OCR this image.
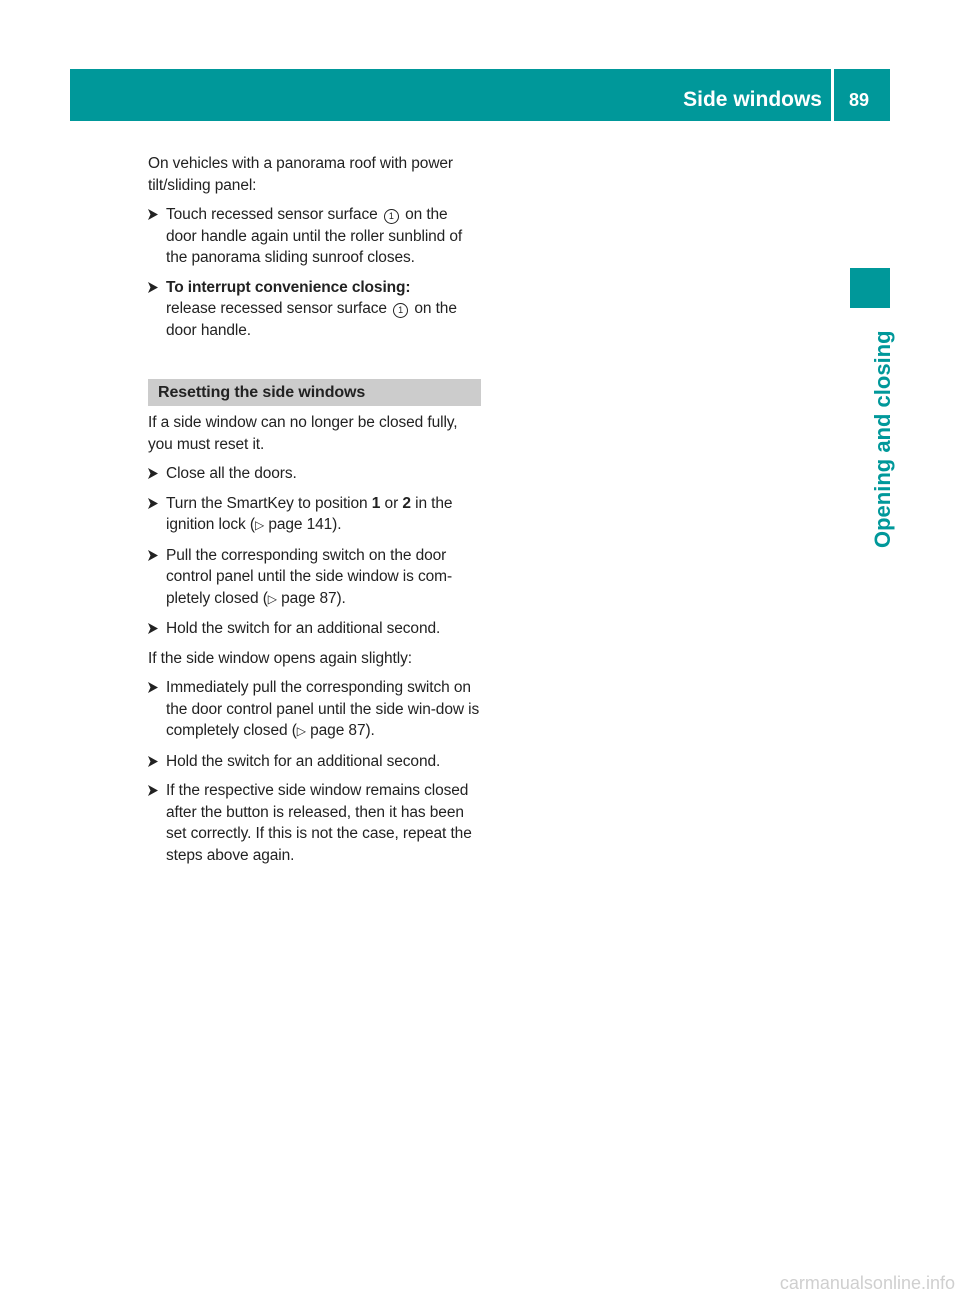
Side windows	89
Opening and closing

On vehicles with a panorama roof with power tilt/sliding panel:

Touch recessed sensor surface 1 on the door handle again until the roller sunblind of the panorama sliding sunroof closes.
To interrupt convenience closing:
release recessed sensor surface 1 on the door handle.
Resetting the side windows

If a side window can no longer be closed fully, you must reset it.

Close all the doors.
Turn the SmartKey to position 1 or 2 in the ignition lock (▷ page 141).
Pull the corresponding switch on the door control panel until the side window is com-pletely closed (▷ page 87).
Hold the switch for an additional second.

If the side window opens again slightly:

Immediately pull the corresponding switch on the door control panel until the side win-dow is completely closed (▷ page 87).
Hold the switch for an additional second.
If the respective side window remains closed after the button is released, then it has been set correctly. If this is not the case, repeat the steps above again.
carmanualsonline.info
